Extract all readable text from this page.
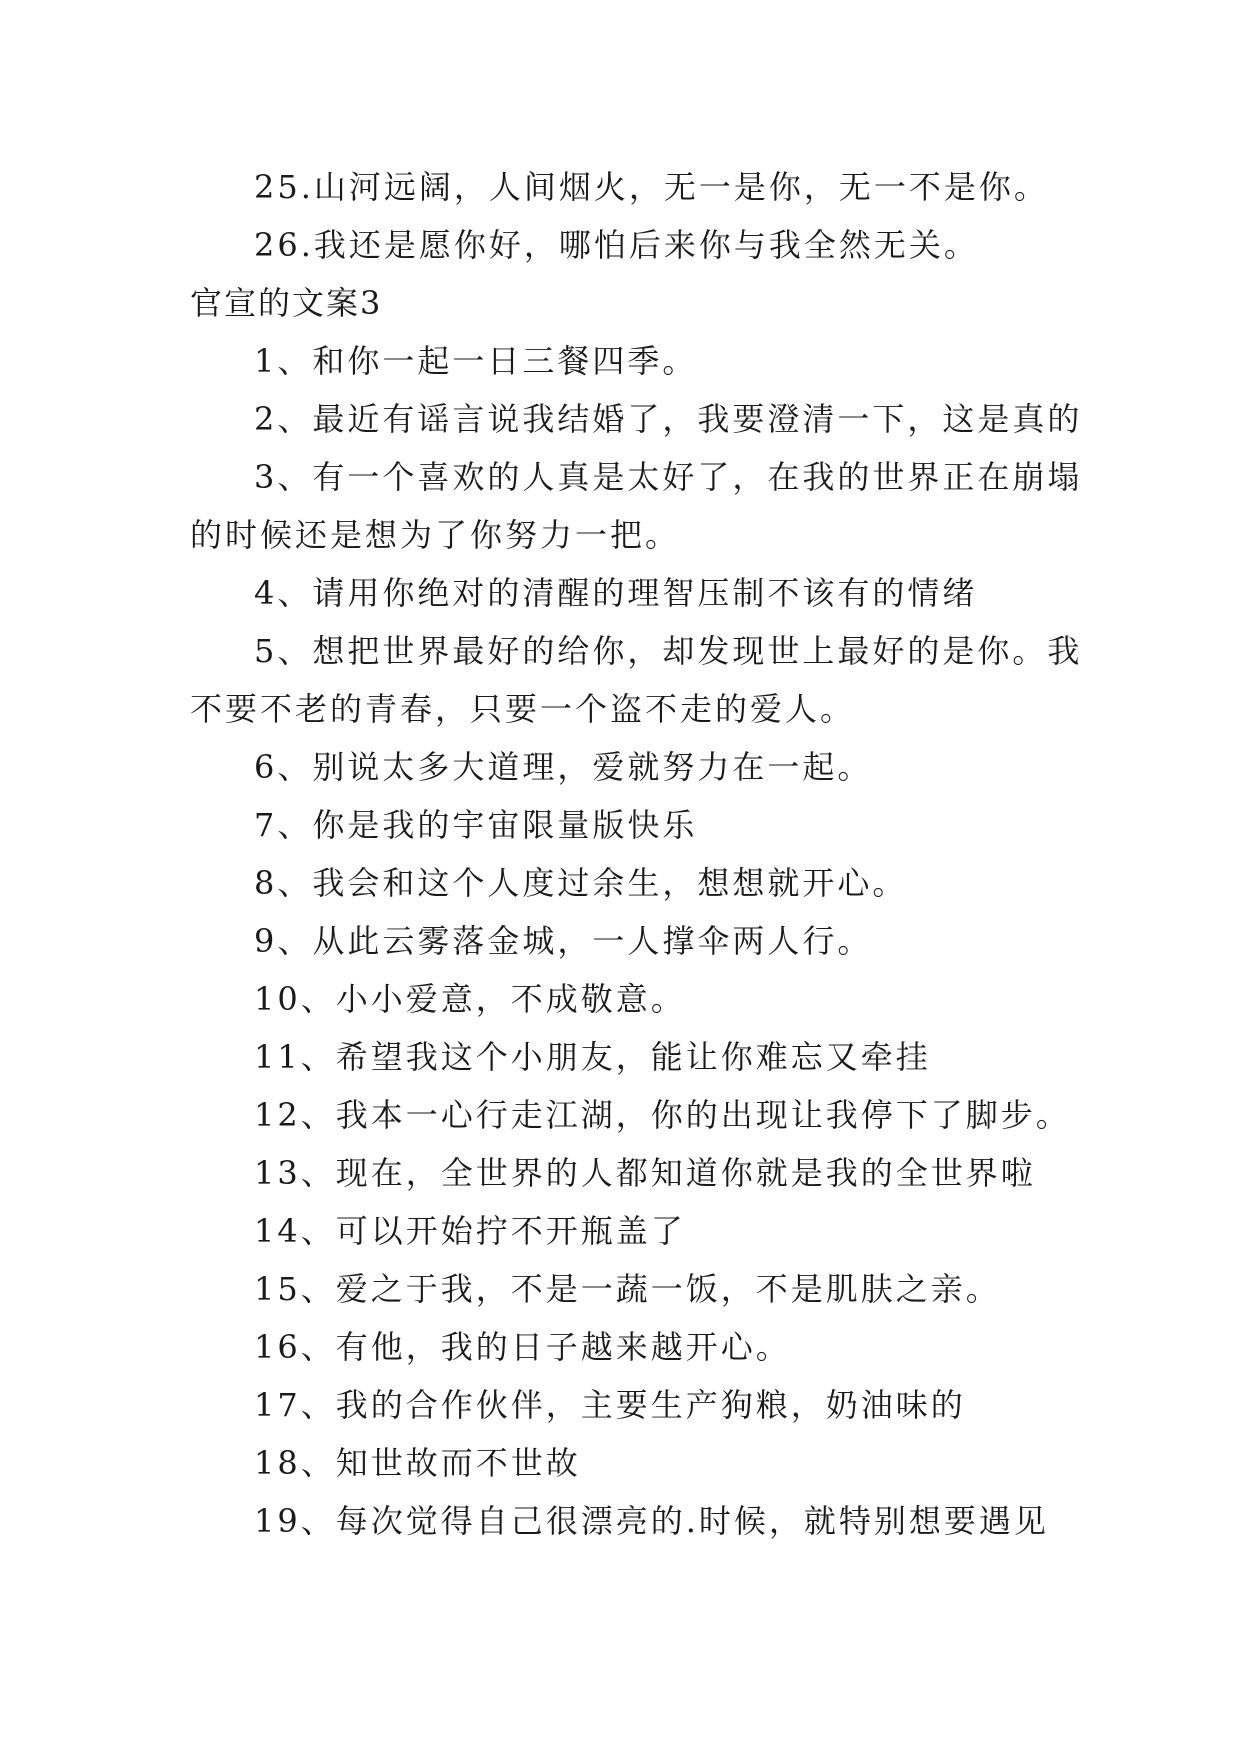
25.山河远阔，人间烟火，无一是你，无一不是你。

26.我还是愿你好，哪怕后来你与我全然无关。

官宣的文案3

1、和你一起一日三餐四季。

2、最近有谣言说我结婚了，我要澄清一下，这是真的

3、有一个喜欢的人真是太好了，在我的世界正在崩塌

的时候还是想为了你努力一把。

4、请用你绝对的清醒的理智压制不该有的情绪

5、想把世界最好的给你，却发现世上最好的是你。我

不要不老的青春，只要一个盗不走的爱人。

6、别说太多大道理，爱就努力在一起。

7、你是我的宇宙限量版快乐

8、我会和这个人度过余生，想想就开心。

9、从此云雾落金城，一人撑伞两人行。

10、小小爱意，不成敬意。

11、希望我这个小朋友，能让你难忘又牵挂

12、我本一心行走江湖，你的出现让我停下了脚步。

13、现在，全世界的人都知道你就是我的全世界啦

14、可以开始拧不开瓶盖了

15、爱之于我，不是一蔬一饭，不是肌肤之亲。

16、有他，我的日子越来越开心。

17、我的合作伙伴，主要生产狗粮，奶油味的

18、知世故而不世故

19、每次觉得自己很漂亮的.时候，就特别想要遇见
